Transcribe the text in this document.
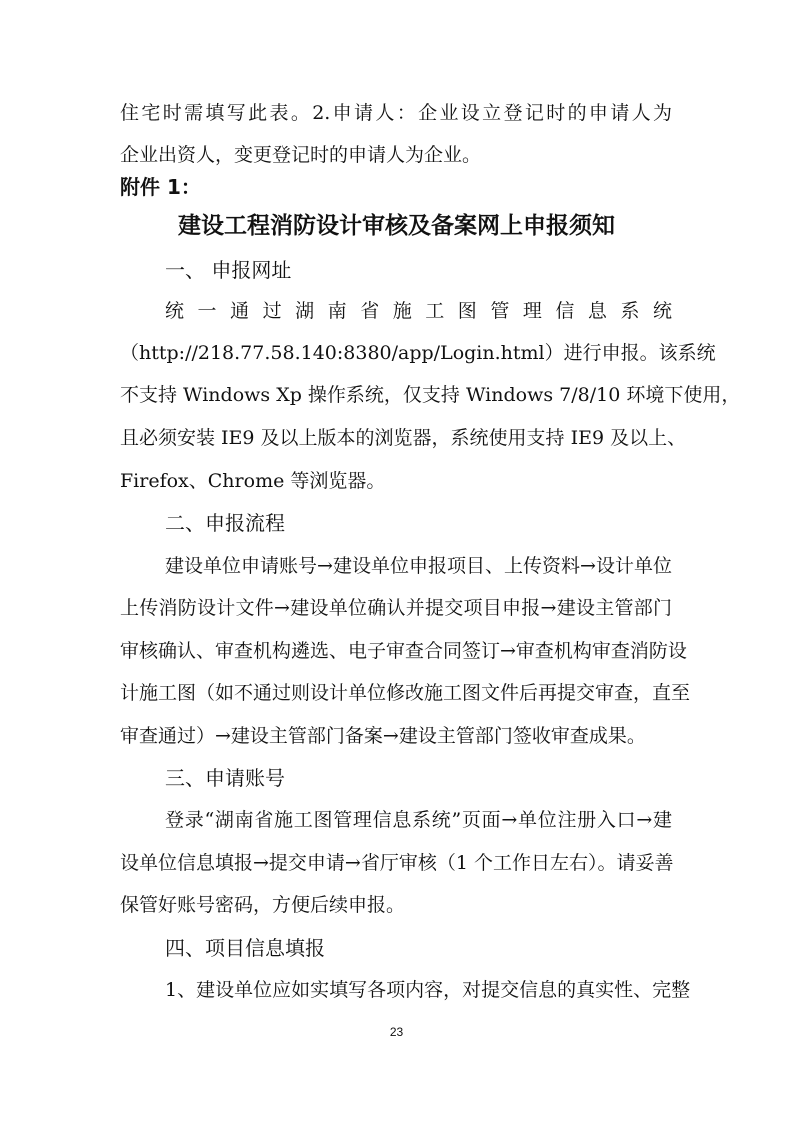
住宅时需填写此表。2.申请人：企业设立登记时的申请人为
企业出资人，变更登记时的申请人为企业。
附件 1：
建设工程消防设计审核及备案网上申报须知
一、 申报网址
统 一 通 过 湖 南 省 施 工 图 管 理 信 息 系 统
（http://218.77.58.140:8380/app/Login.html）进行申报。该系统
不支持 Windows Xp 操作系统，仅支持 Windows 7/8/10 环境下使用，
且必须安装 IE9 及以上版本的浏览器，系统使用支持 IE9 及以上、
Firefox、Chrome 等浏览器。
二、申报流程
建设单位申请账号→建设单位申报项目、上传资料→设计单位
上传消防设计文件→建设单位确认并提交项目申报→建设主管部门
审核确认、审查机构遴选、电子审查合同签订→审查机构审查消防设
计施工图（如不通过则设计单位修改施工图文件后再提交审查，直至
审查通过）→建设主管部门备案→建设主管部门签收审查成果。
三、申请账号
登录“湖南省施工图管理信息系统”页面→单位注册入口→建
设单位信息填报→提交申请→省厅审核（1 个工作日左右）。请妥善
保管好账号密码，方便后续申报。
四、项目信息填报
1、建设单位应如实填写各项内容，对提交信息的真实性、完整
23
